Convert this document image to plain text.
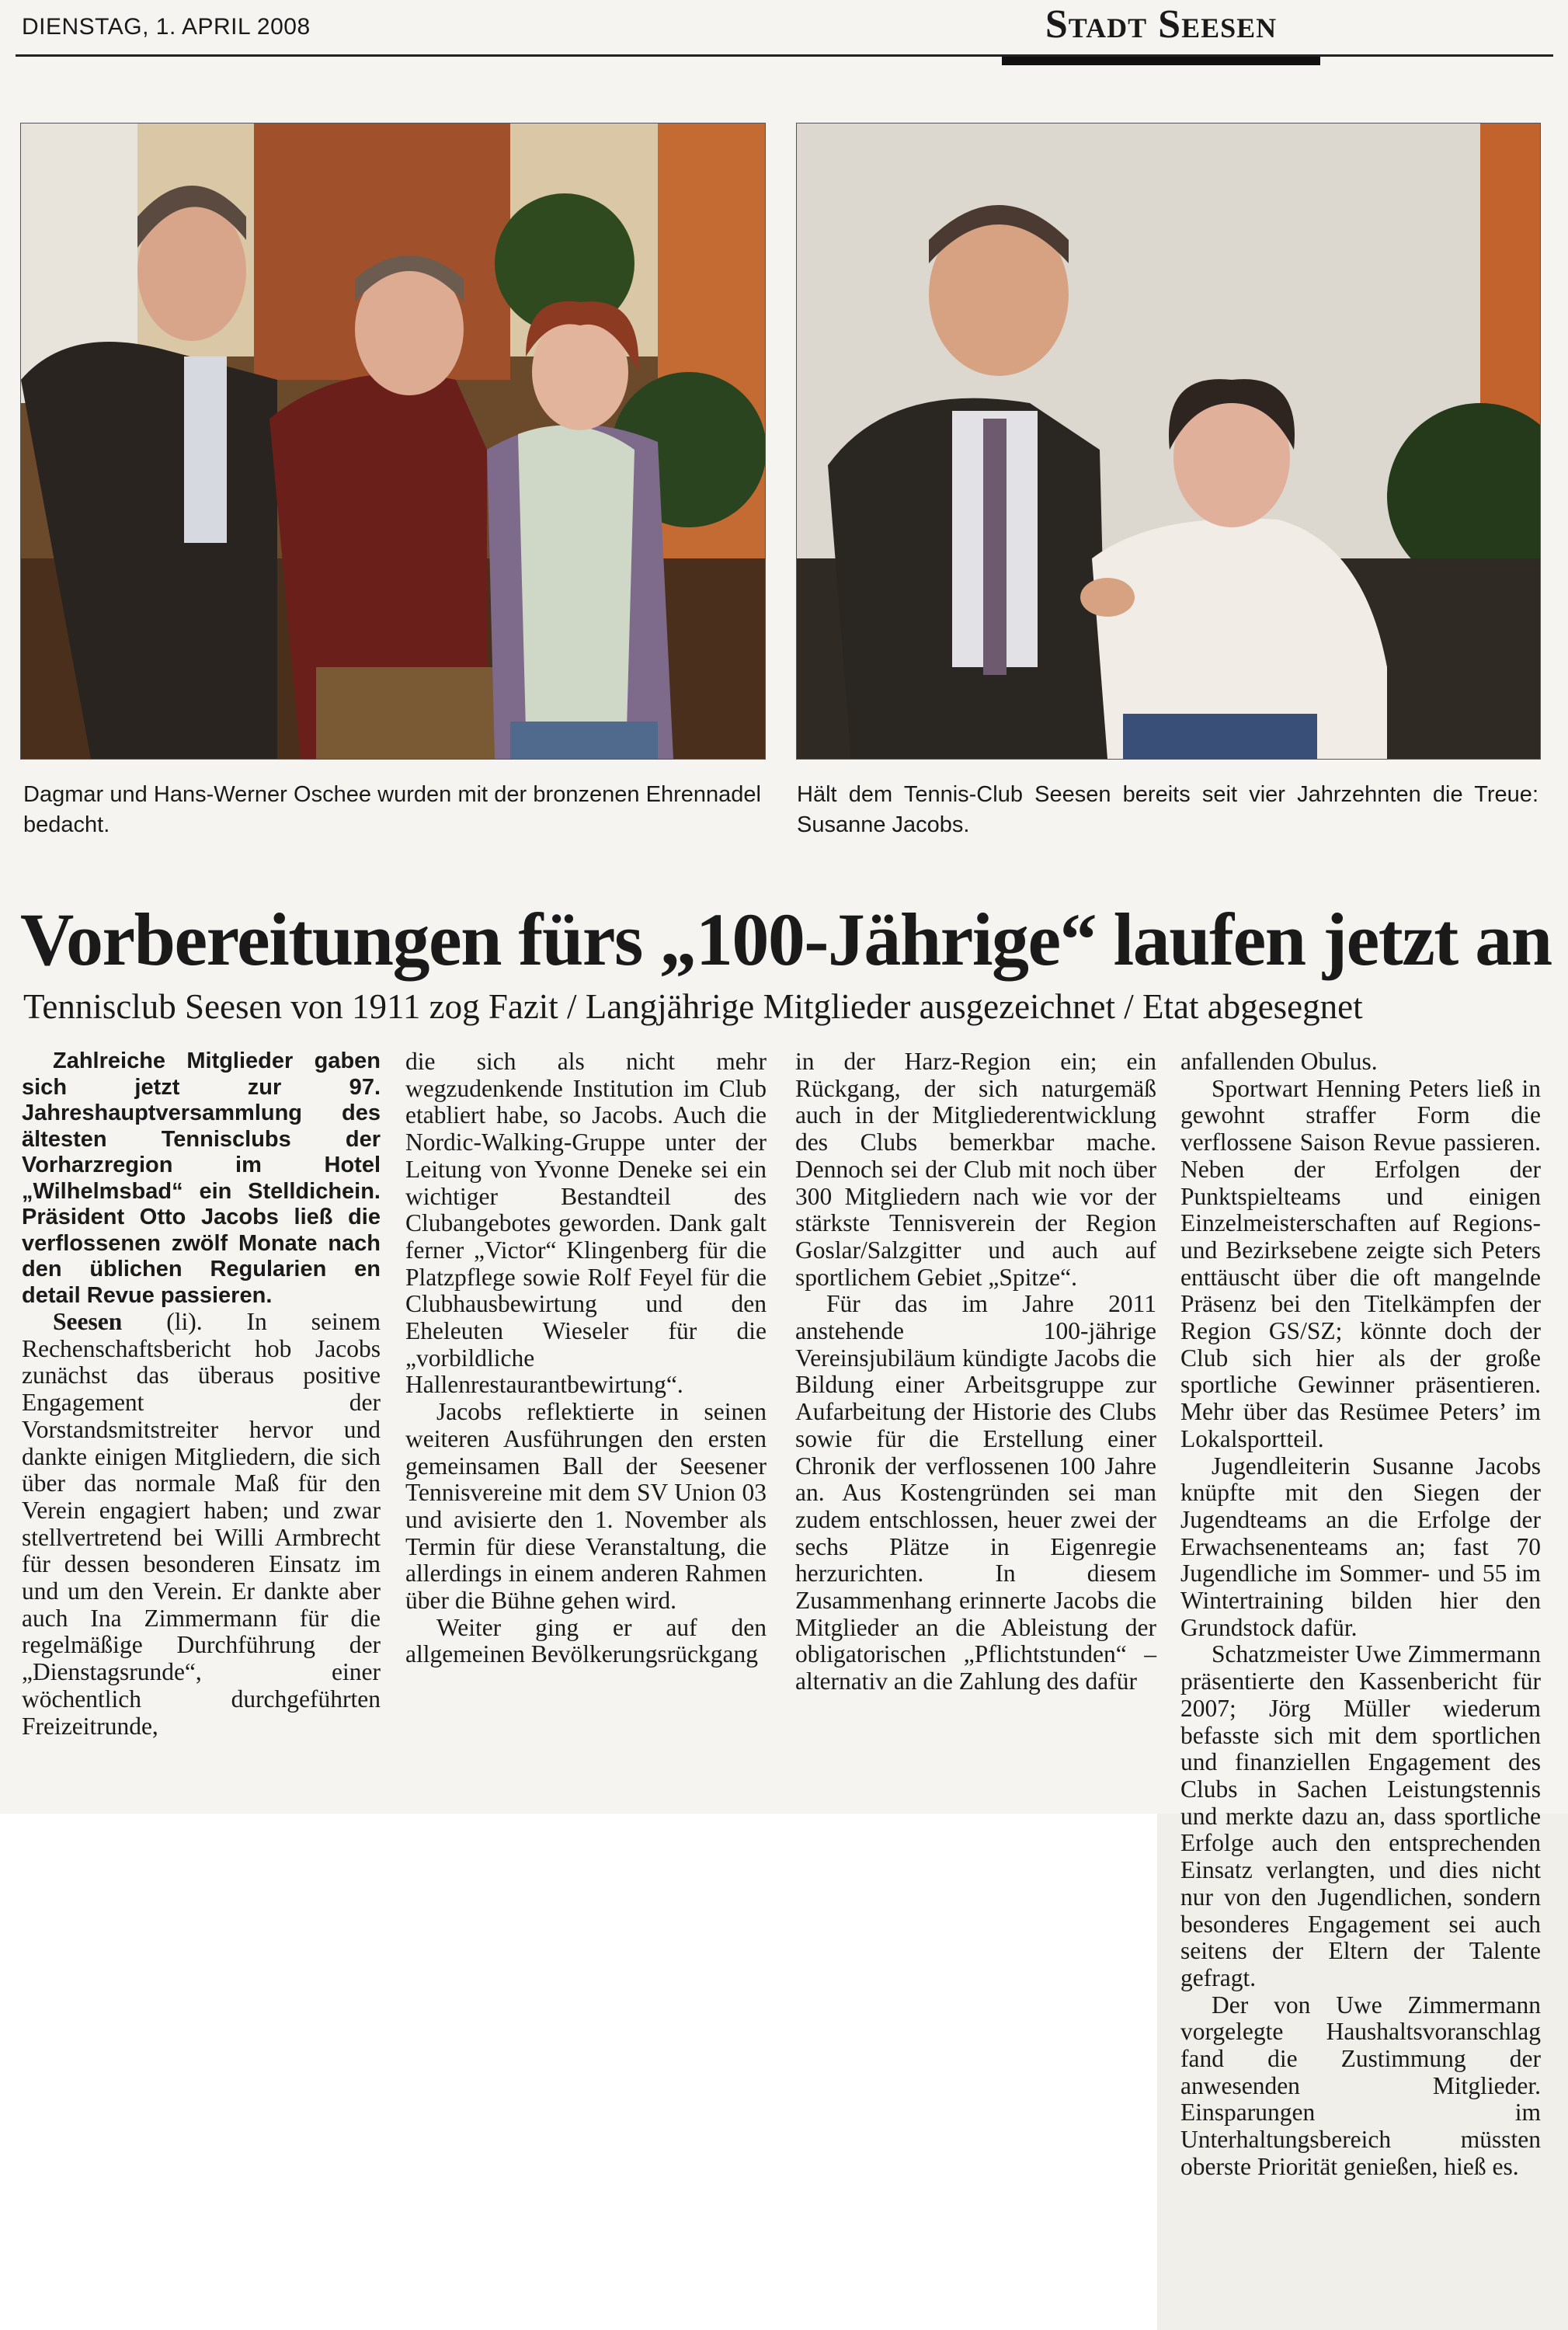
DIENSTAG, 1. APRIL 2008	Stadt Seesen
Dagmar und Hans-Werner Oschee wurden mit der bronzenen Ehrennadel bedacht.
Hält dem Tennis-Club Seesen bereits seit vier Jahrzehnten die Treue: Susanne Jacobs.
Vorbereitungen fürs „100-Jährige“ laufen jetzt an
Tennisclub Seesen von 1911 zog Fazit / Langjährige Mitglieder ausgezeichnet / Etat abgesegnet

Zahlreiche Mitglieder gaben sich jetzt zur 97. Jahreshauptversammlung des ältesten Tennisclubs der Vorharzregion im Hotel „Wilhelmsbad“ ein Stelldichein. Präsident Otto Jacobs ließ die verflossenen zwölf Monate nach den üblichen Regularien en detail Revue passieren.

Seesen (li). In seinem Rechenschaftsbericht hob Jacobs zunächst das überaus positive Engagement der Vorstandsmitstreiter hervor und dankte einigen Mitgliedern, die sich über das normale Maß für den Verein engagiert haben; und zwar stellvertretend bei Willi Armbrecht für dessen besonderen Einsatz im und um den Verein. Er dankte aber auch Ina Zimmermann für die regelmäßige Durchführung der „Dienstagsrunde“, einer wöchentlich durchgeführten Freizeitrunde,

die sich als nicht mehr wegzudenkende Institution im Club etabliert habe, so Jacobs. Auch die Nordic-Walking-Gruppe unter der Leitung von Yvonne Deneke sei ein wichtiger Bestandteil des Clubangebotes geworden. Dank galt ferner „Victor“ Klingenberg für die Platzpflege sowie Rolf Feyel für die Clubhausbewirtung und den Eheleuten Wieseler für die „vorbildliche Hallenrestaurantbewirtung“.

Jacobs reflektierte in seinen weiteren Ausführungen den ersten gemeinsamen Ball der Seesener Tennisvereine mit dem SV Union 03 und avisierte den 1. November als Termin für diese Veranstaltung, die allerdings in einem anderen Rahmen über die Bühne gehen wird.

Weiter ging er auf den allgemeinen Bevölkerungsrückgang

in der Harz-Region ein; ein Rückgang, der sich naturgemäß auch in der Mitgliederentwicklung des Clubs bemerkbar mache. Dennoch sei der Club mit noch über 300 Mitgliedern nach wie vor der stärkste Tennisverein der Region Goslar/Salzgitter und auch auf sportlichem Gebiet „Spitze“.

Für das im Jahre 2011 anstehende 100-jährige Vereinsjubiläum kündigte Jacobs die Bildung einer Arbeitsgruppe zur Aufarbeitung der Historie des Clubs sowie für die Erstellung einer Chronik der verflossenen 100 Jahre an. Aus Kostengründen sei man zudem entschlossen, heuer zwei der sechs Plätze in Eigenregie herzurichten. In diesem Zusammenhang erinnerte Jacobs die Mitglieder an die Ableistung der obligatorischen „Pflichtstunden“ – alternativ an die Zahlung des dafür

anfallenden Obulus.

Sportwart Henning Peters ließ in gewohnt straffer Form die verflossene Saison Revue passieren. Neben der Erfolgen der Punktspielteams und einigen Einzelmeisterschaften auf Regions- und Bezirksebene zeigte sich Peters enttäuscht über die oft mangelnde Präsenz bei den Titelkämpfen der Region GS/SZ; könnte doch der Club sich hier als der große sportliche Gewinner präsentieren. Mehr über das Resümee Peters’ im Lokalsportteil.

Jugendleiterin Susanne Jacobs knüpfte mit den Siegen der Jugendteams an die Erfolge der Erwachsenenteams an; fast 70 Jugendliche im Sommer- und 55 im Wintertraining bilden hier den Grundstock dafür.

Schatzmeister Uwe Zimmermann präsentierte den Kassenbericht für 2007; Jörg Müller wiederum befasste sich mit dem sportlichen und finanziellen Engagement des Clubs in Sachen Leistungstennis und merkte dazu an, dass sportliche Erfolge auch den entsprechenden Einsatz verlangten, und dies nicht nur von den Jugendlichen, sondern besonderes Engagement sei auch seitens der Eltern der Talente gefragt.

Der von Uwe Zimmermann vorgelegte Haushaltsvoranschlag fand die Zustimmung der anwesenden Mitglieder. Einsparungen im Unterhaltungsbereich müssten oberste Priorität genießen, hieß es.
